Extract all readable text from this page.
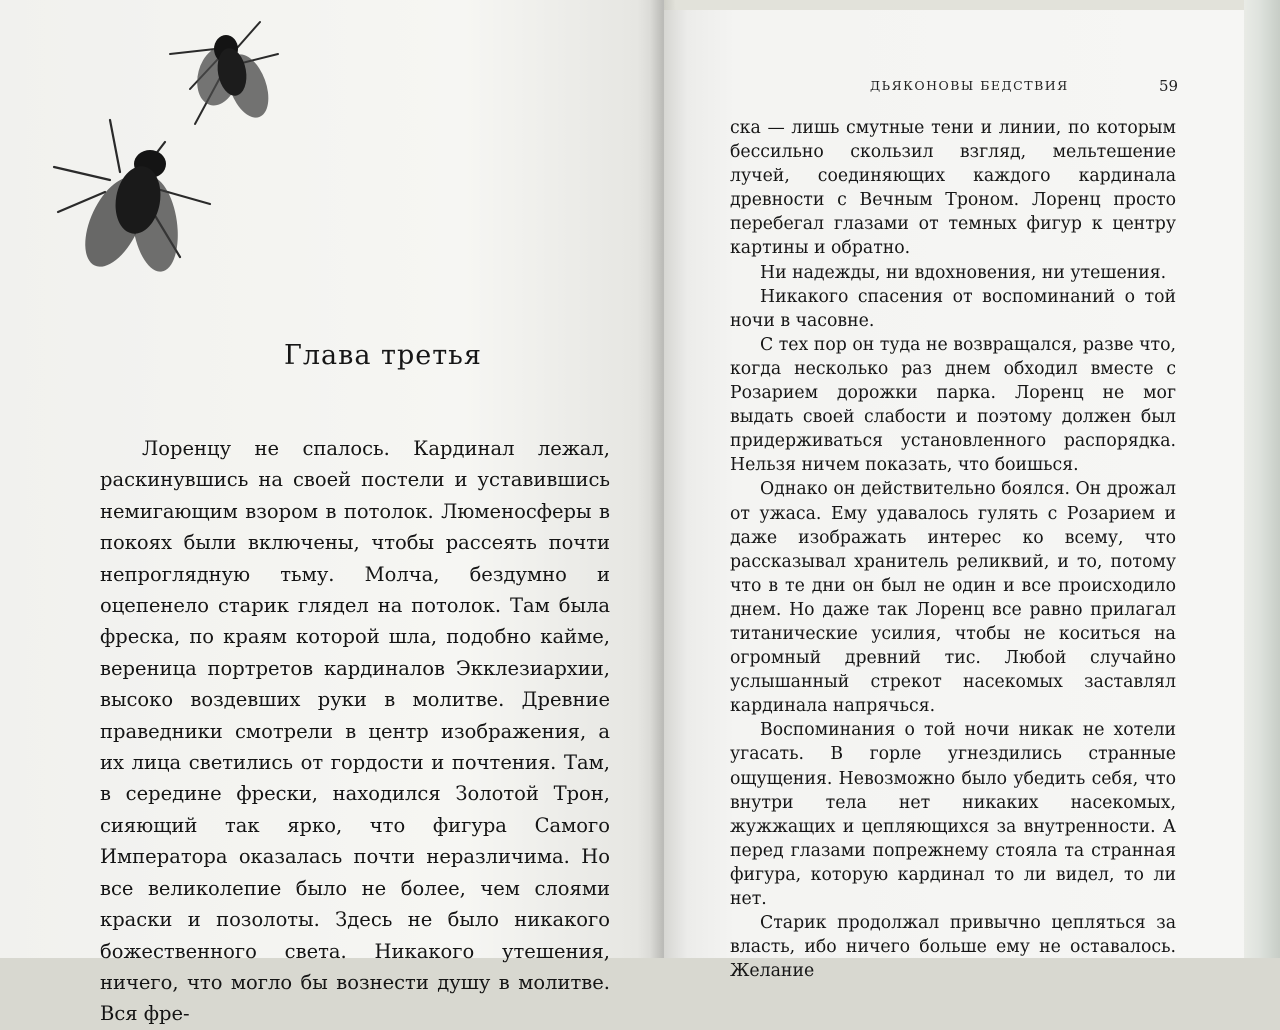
Глава третья

Лоренцу не спалось. Кардинал лежал, раскинувшись на своей постели и уставившись немигающим взором в потолок. Люменосферы в покоях были включены, чтобы рассеять почти непроглядную тьму. Молча, бездумно и оцепенело старик глядел на потолок. Там была фреска, по краям которой шла, подобно кайме, вереница портретов кардиналов Экклезиархии, высоко воздевших руки в молитве. Древние праведники смотрели в центр изображения, а их лица светились от гордости и почтения. Там, в середине фрески, находился Золотой Трон, сияющий так ярко, что фигура Самого Императора оказалась почти неразличима. Но все великолепие было не более, чем слоями краски и позолоты. Здесь не было никакого божественного света. Никакого утешения, ничего, что могло бы вознести душу в молитве. Вся фре-

ДЬЯКОНОВЫ БЕДСТВИЯ	59

ска — лишь смутные тени и линии, по которым бессильно скользил взгляд, мельтешение лучей, соединяющих каждого кардинала древности с Вечным Троном. Лоренц просто перебегал глазами от темных фигур к центру картины и обратно.

Ни надежды, ни вдохновения, ни утешения.

Никакого спасения от воспоминаний о той ночи в часовне.

С тех пор он туда не возвращался, разве что, когда несколько раз днем обходил вместе с Розарием дорожки парка. Лоренц не мог выдать своей слабости и поэтому должен был придерживаться установленного распорядка. Нельзя ничем показать, что боишься.

Однако он действительно боялся. Он дрожал от ужаса. Ему удавалось гулять с Розарием и даже изображать интерес ко всему, что рассказывал хранитель реликвий, и то, потому что в те дни он был не один и все происходило днем. Но даже так Лоренц все равно прилагал титанические усилия, чтобы не коситься на огромный древний тис. Любой случайно услышанный стрекот насекомых заставлял кардинала напрячься.

Воспоминания о той ночи никак не хотели угасать. В горле угнездились странные ощущения. Невозможно было убедить себя, что внутри тела нет никаких насекомых, жужжащих и цепляющихся за внутренности. А перед глазами попрежнему стояла та странная фигура, которую кардинал то ли видел, то ли нет.

Старик продолжал привычно цепляться за власть, ибо ничего больше ему не оставалось. Желание
